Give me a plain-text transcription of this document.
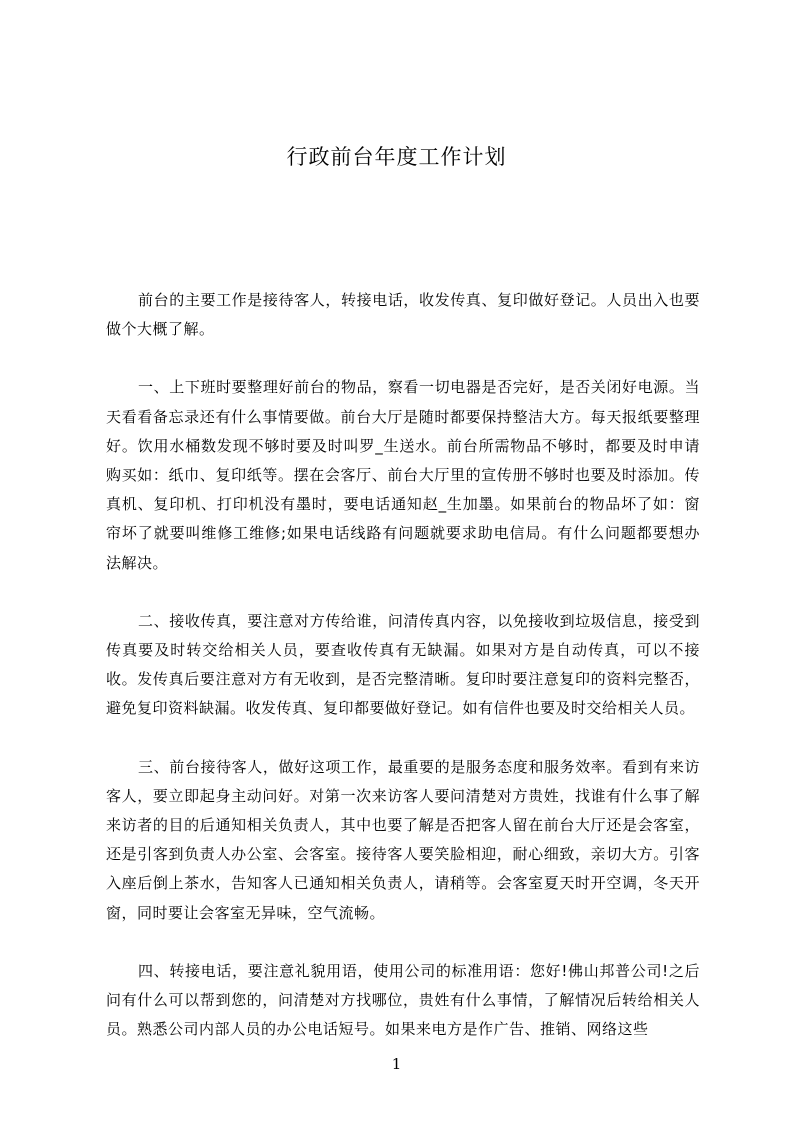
行政前台年度工作计划

前台的主要工作是接待客人，转接电话，收发传真、复印做好登记。人员出入也要做个大概了解。

一、上下班时要整理好前台的物品，察看一切电器是否完好，是否关闭好电源。当天看看备忘录还有什么事情要做。前台大厅是随时都要保持整洁大方。每天报纸要整理好。饮用水桶数发现不够时要及时叫罗_生送水。前台所需物品不够时，都要及时申请购买如：纸巾、复印纸等。摆在会客厅、前台大厅里的宣传册不够时也要及时添加。传真机、复印机、打印机没有墨时，要电话通知赵_生加墨。如果前台的物品坏了如：窗帘坏了就要叫维修工维修;如果电话线路有问题就要求助电信局。有什么问题都要想办法解决。

二、接收传真，要注意对方传给谁，问清传真内容，以免接收到垃圾信息，接受到传真要及时转交给相关人员，要查收传真有无缺漏。如果对方是自动传真，可以不接收。发传真后要注意对方有无收到，是否完整清晰。复印时要注意复印的资料完整否，避免复印资料缺漏。收发传真、复印都要做好登记。如有信件也要及时交给相关人员。

三、前台接待客人，做好这项工作，最重要的是服务态度和服务效率。看到有来访客人，要立即起身主动问好。对第一次来访客人要问清楚对方贵姓，找谁有什么事了解来访者的目的后通知相关负责人，其中也要了解是否把客人留在前台大厅还是会客室，还是引客到负责人办公室、会客室。接待客人要笑脸相迎，耐心细致，亲切大方。引客入座后倒上茶水，告知客人已通知相关负责人，请稍等。会客室夏天时开空调，冬天开窗，同时要让会客室无异味，空气流畅。

四、转接电话，要注意礼貌用语，使用公司的标准用语：您好!佛山邦普公司!之后问有什么可以帮到您的，问清楚对方找哪位，贵姓有什么事情，了解情况后转给相关人员。熟悉公司内部人员的办公电话短号。如果来电方是作广告、推销、网络这些

1
